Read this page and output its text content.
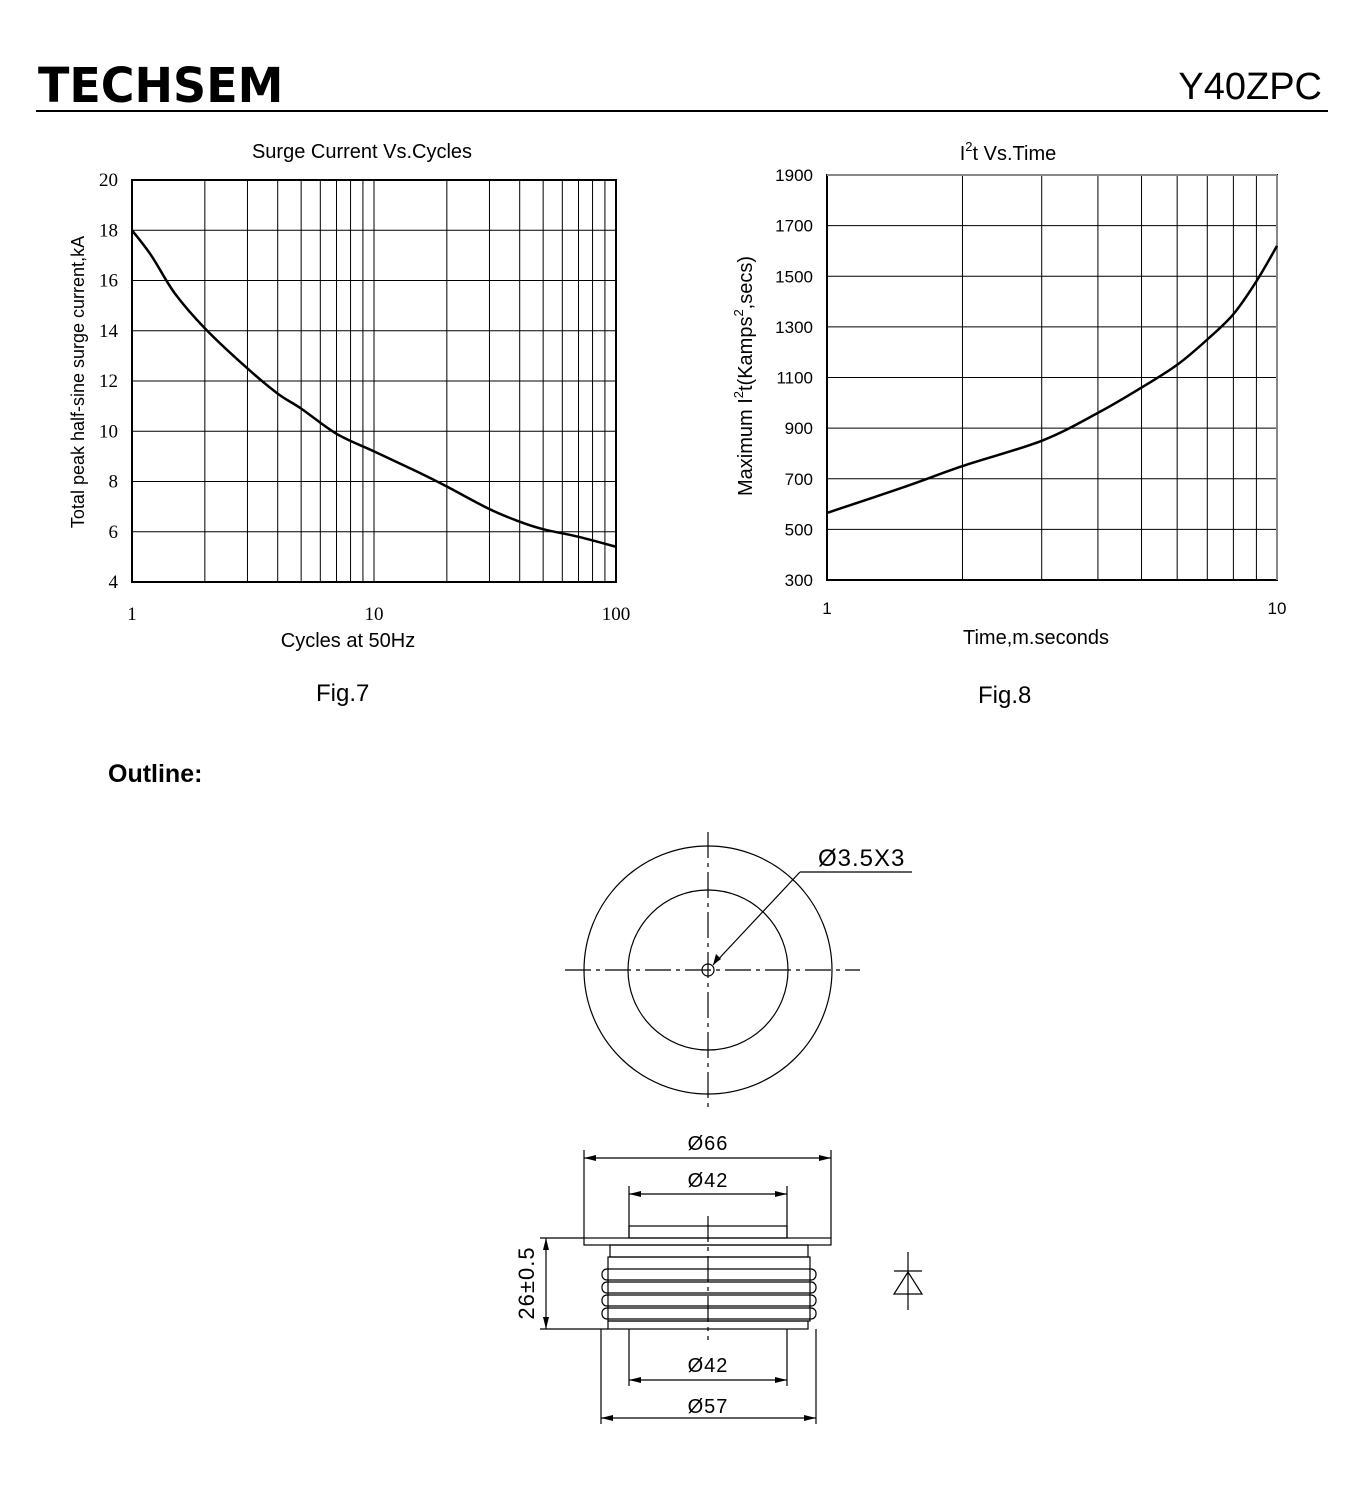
TECHSEM	Y40ZPC
Surge Current Vs.Cycles
4
6
8
10
12
14
16
18
20
1	10	100
Cycles at 50Hz
Total peak half-sine surge current,kA
Fig.7
$I^2t$ Vs.Time
300
500
700
900
1100
1300
1500
1700
1900
1	10
Time,m.seconds
Maximum $I^2t(Kamps^2,\sec s)$
Fig.8
Outline:
Ø3.5X3
Ø66
Ø42
Ø42
Ø57
26±0.5
